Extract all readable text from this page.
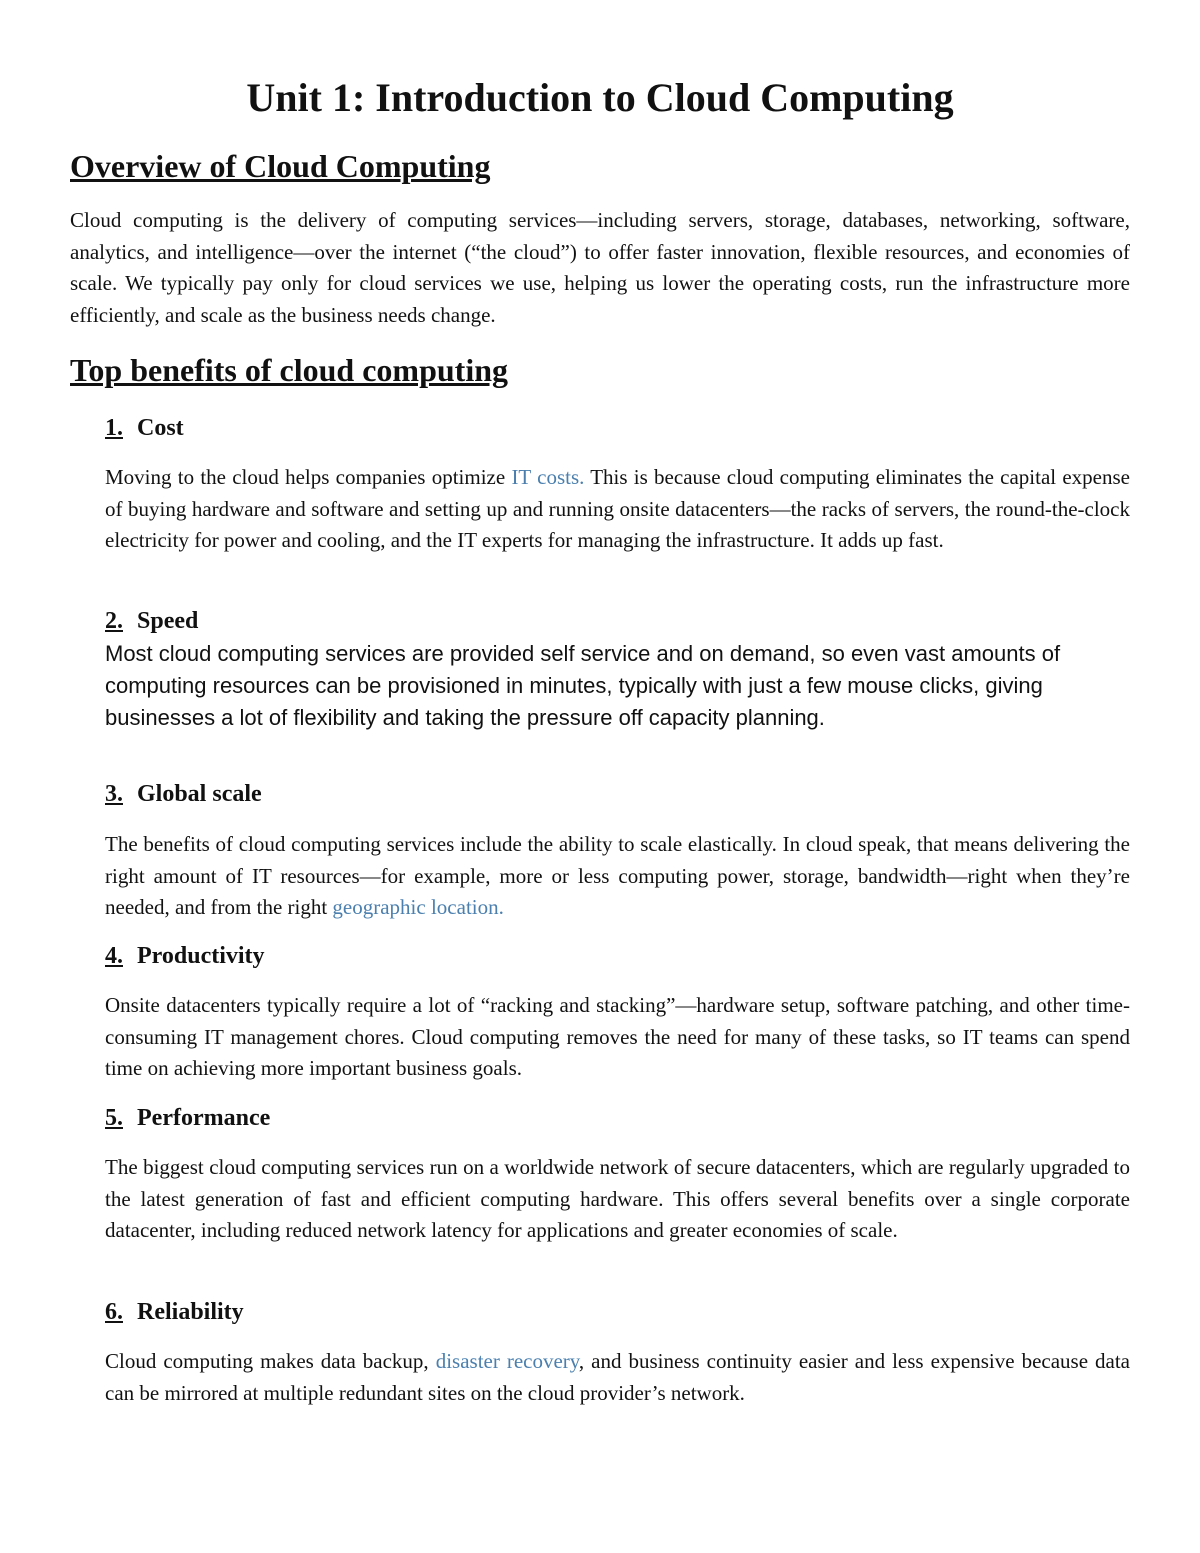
Unit 1: Introduction to Cloud Computing
Overview of Cloud Computing

Cloud computing is the delivery of computing services—including servers, storage, databases, networking, software, analytics, and intelligence—over the internet (“the cloud”) to offer faster innovation, flexible resources, and economies of scale. We typically pay only for cloud services we use, helping us lower the operating costs, run the infrastructure more efficiently, and scale as the business needs change.

Top benefits of cloud computing
1. Cost

Moving to the cloud helps companies optimize IT costs. This is because cloud computing eliminates the capital expense of buying hardware and software and setting up and running onsite datacenters—the racks of servers, the round-the-clock electricity for power and cooling, and the IT experts for managing the infrastructure. It adds up fast.

2. Speed

Most cloud computing services are provided self service and on demand, so even vast amounts of computing resources can be provisioned in minutes, typically with just a few mouse clicks, giving businesses a lot of flexibility and taking the pressure off capacity planning.

3. Global scale

The benefits of cloud computing services include the ability to scale elastically. In cloud speak, that means delivering the right amount of IT resources—for example, more or less computing power, storage, bandwidth—right when they’re needed, and from the right geographic location.

4. Productivity

Onsite datacenters typically require a lot of “racking and stacking”—hardware setup, software patching, and other time-consuming IT management chores. Cloud computing removes the need for many of these tasks, so IT teams can spend time on achieving more important business goals.

5. Performance

The biggest cloud computing services run on a worldwide network of secure datacenters, which are regularly upgraded to the latest generation of fast and efficient computing hardware. This offers several benefits over a single corporate datacenter, including reduced network latency for applications and greater economies of scale.

6. Reliability

Cloud computing makes data backup, disaster recovery, and business continuity easier and less expensive because data can be mirrored at multiple redundant sites on the cloud provider’s network.
